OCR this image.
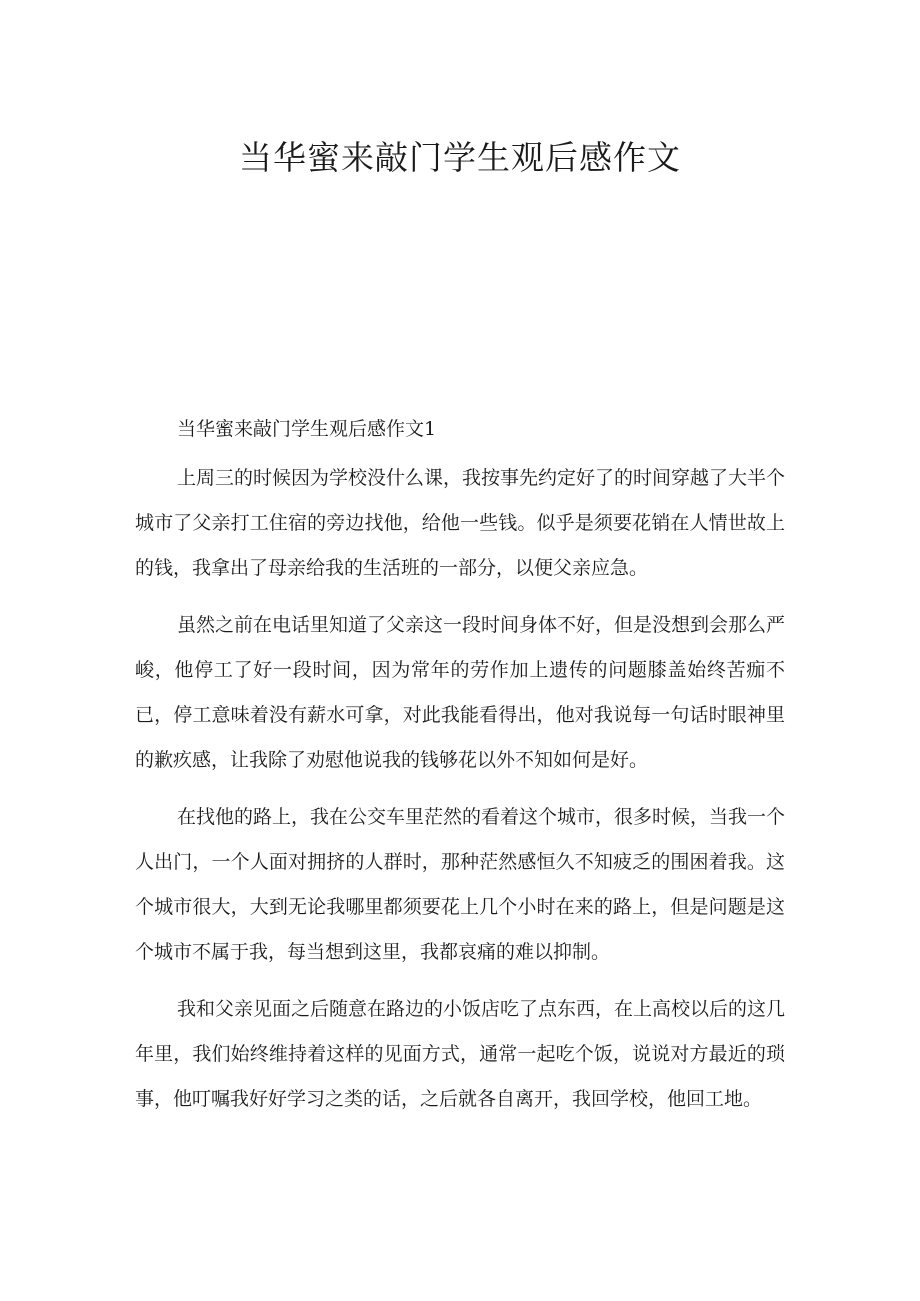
当华蜜来敲门学生观后感作文
当华蜜来敲门学生观后感作文1

上周三的时候因为学校没什么课，我按事先约定好了的时间穿越了大半个城市了父亲打工住宿的旁边找他，给他一些钱。似乎是须要花销在人情世故上的钱，我拿出了母亲给我的生活班的一部分，以便父亲应急。

虽然之前在电话里知道了父亲这一段时间身体不好，但是没想到会那么严峻，他停工了好一段时间，因为常年的劳作加上遗传的问题膝盖始终苦痂不已，停工意味着没有薪水可拿，对此我能看得出，他对我说每一句话时眼神里的歉疚感，让我除了劝慰他说我的钱够花以外不知如何是好。

在找他的路上，我在公交车里茫然的看着这个城市，很多时候，当我一个人出门，一个人面对拥挤的人群时，那种茫然感恒久不知疲乏的围困着我。这个城市很大，大到无论我哪里都须要花上几个小时在来的路上，但是问题是这个城市不属于我，每当想到这里，我都哀痛的难以抑制。

我和父亲见面之后随意在路边的小饭店吃了点东西，在上高校以后的这几年里，我们始终维持着这样的见面方式，通常一起吃个饭，说说对方最近的琐事，他叮嘱我好好学习之类的话，之后就各自离开，我回学校，他回工地。
